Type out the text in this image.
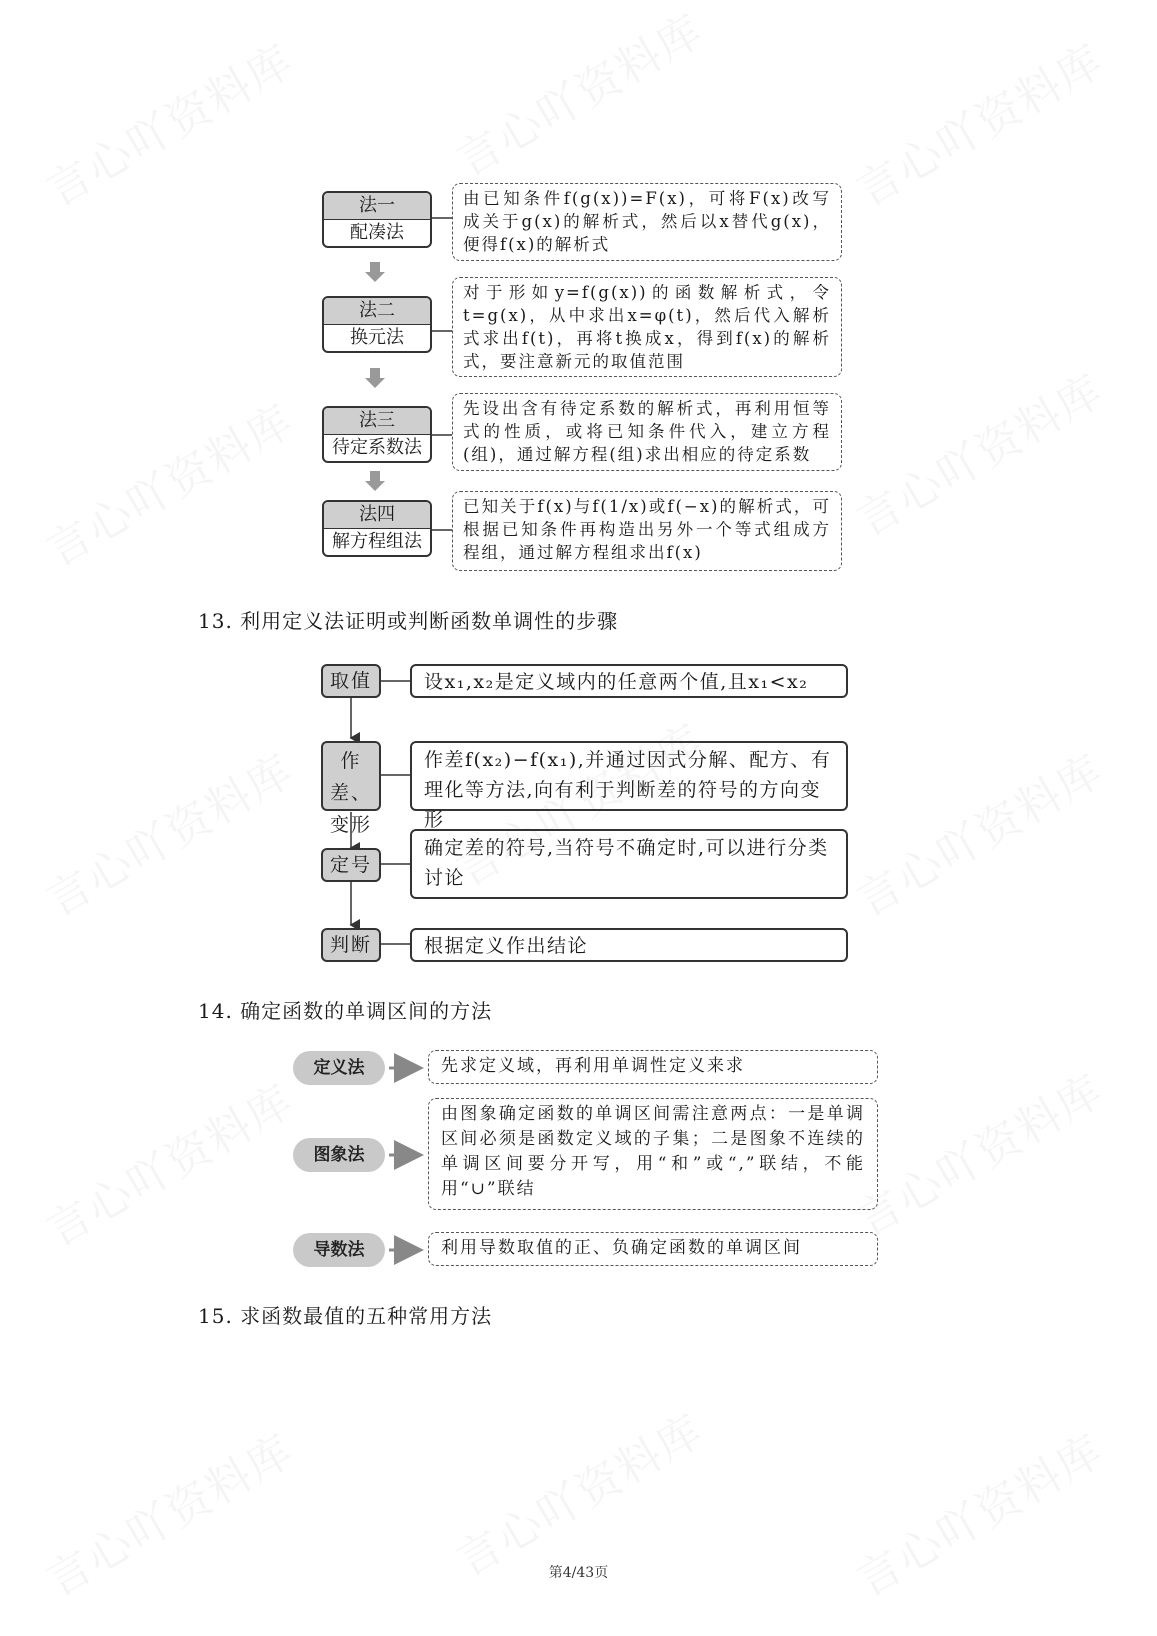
法一
配凑法
由已知条件f(g(x))=F(x)，可将F(x)改写成关于g(x)的解析式，然后以x替代g(x)，便得f(x)的解析式
法二
换元法
对于形如y=f(g(x))的函数解析式，令t=g(x)，从中求出x=φ(t)，然后代入解析式求出f(t)，再将t换成x，得到f(x)的解析式，要注意新元的取值范围
法三
待定系数法
先设出含有待定系数的解析式，再利用恒等式的性质，或将已知条件代入，建立方程(组)，通过解方程(组)求出相应的待定系数
法四
解方程组法
已知关于f(x)与f(1/x)或f(−x)的解析式，可根据已知条件再构造出另外一个等式组成方程组，通过解方程组求出f(x)
13. 利用定义法证明或判断函数单调性的步骤
取值	设x₁,x₂是定义域内的任意两个值,且x₁<x₂
作差、变形
作差f(x₂)−f(x₁),并通过因式分解、配方、有理化等方法,向有利于判断差的符号的方向变形
定号
确定差的符号,当符号不确定时,可以进行分类讨论
判断	根据定义作出结论
14. 确定函数的单调区间的方法
定义法	先求定义域，再利用单调性定义来求
图象法
由图象确定函数的单调区间需注意两点：一是单调区间必须是函数定义域的子集；二是图象不连续的单调区间要分开写，用“和”或“,”联结，不能用“∪”联结
导数法	利用导数取值的正、负确定函数的单调区间
15. 求函数最值的五种常用方法
第4/43页
